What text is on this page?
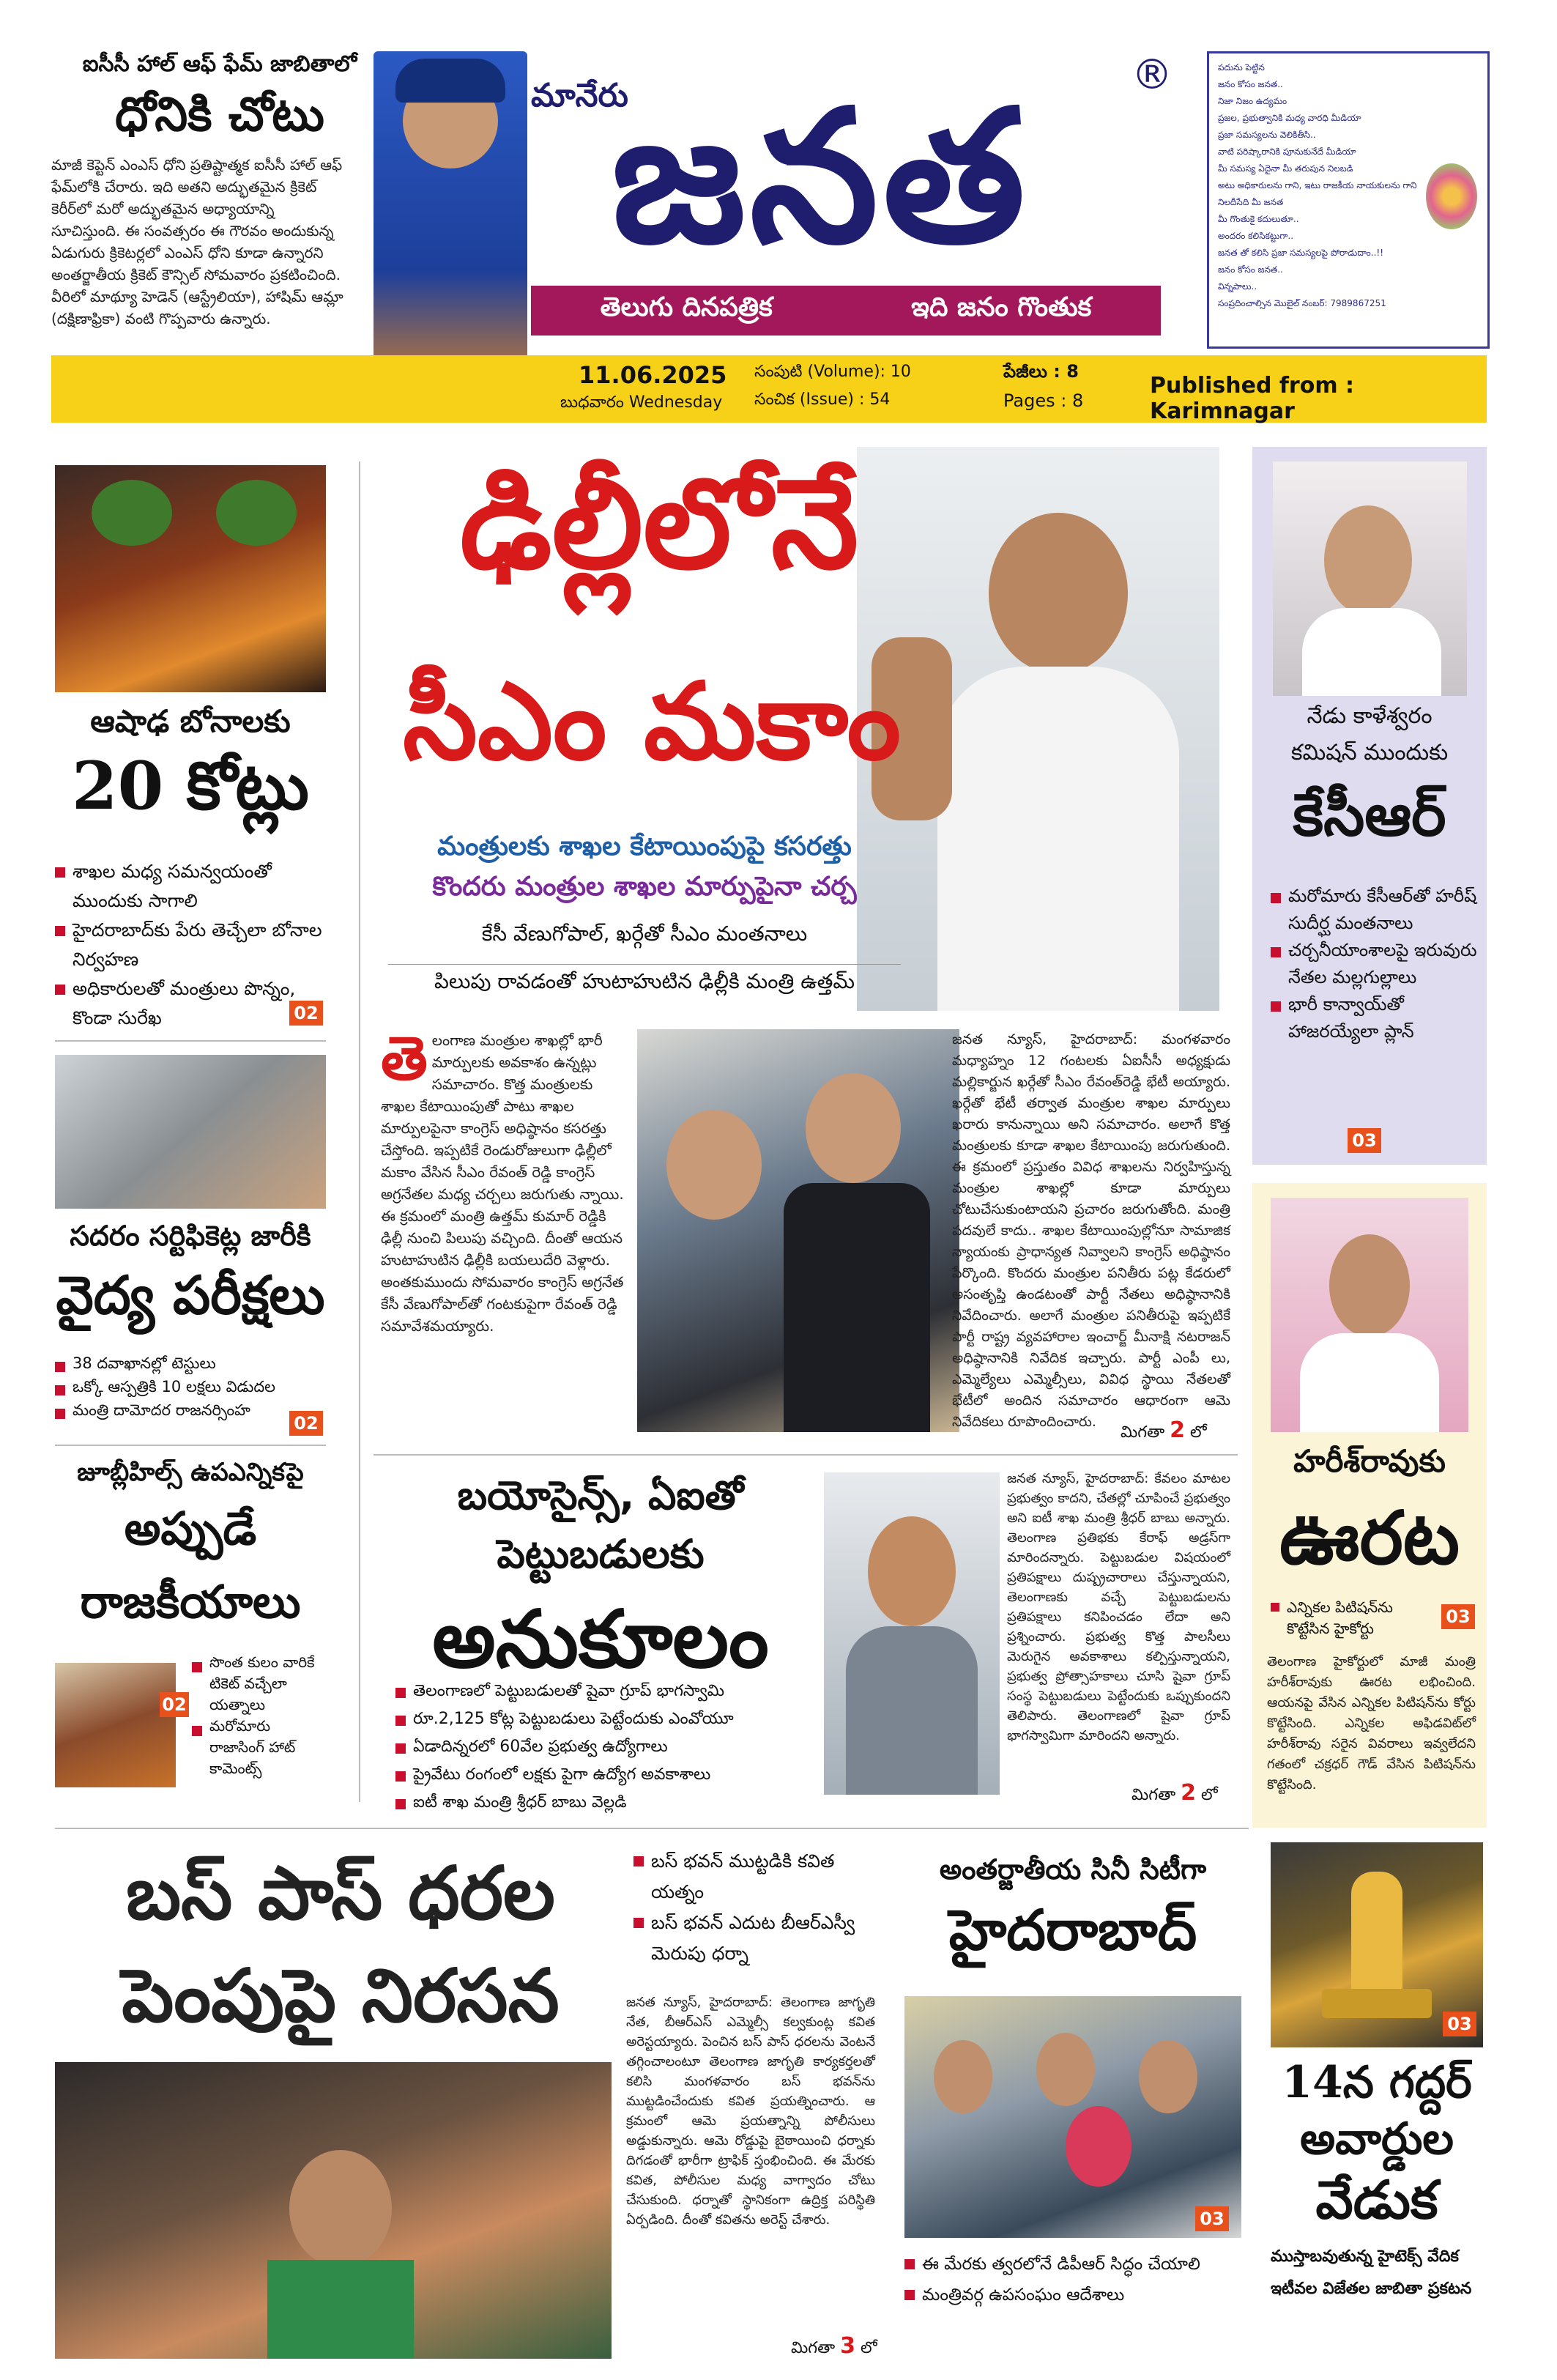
ఐసీసీ హాల్ ఆఫ్ ఫేమ్ జాబితాలో
ధోనికి చోటు
మాజీ కెప్టెన్ ఎంఎస్ ధోని ప్రతిష్టాత్మక ఐసీసీ హాల్ ఆఫ్ ఫేమ్‌లోకి చేరారు. ఇది అతని అద్భుతమైన క్రికెట్ కెరీర్‌లో మరో అద్భుతమైన అధ్యాయాన్ని సూచిస్తుంది. ఈ సంవత్సరం ఈ గౌరవం అందుకున్న ఏడుగురు క్రికెటర్లలో ఎంఎస్ ధోని కూడా ఉన్నారని అంతర్జాతీయ క్రికెట్ కౌన్సిల్ సోమవారం ప్రకటించింది. వీరిలో మాథ్యూ హెడెన్ (ఆస్ట్రేలియా), హాషిమ్ ఆమ్లా (దక్షిణాఫ్రికా) వంటి గొప్పవారు ఉన్నారు.
మానేరు
జనత ®
తెలుగు దినపత్రిక	ఇది జనం గొంతుక
పదును పెట్టిన
జనం కోసం జనత..
నిజా నిజం ఉద్యమం
ప్రజల, ప్రభుత్వానికి మధ్య వారధి మీడియా
ప్రజా సమస్యలను వెలికితీసి..
వాటి పరిష్కారానికి పూనుకునేదే మీడియా
మీ సమస్య ఏదైనా మీ తరుపున నిలబడి
అటు అధికారులను గాని, ఇటు రాజకీయ నాయకులను గాని
నిలదీసేది మీ జనత
మీ గొంతుకై కదులుతూ..
అందరం కలిసికట్టుగా..
జనత తో కలిసి ప్రజా సమస్యలపై పోరాడుదాం..!!
జనం కోసం జనత..
విన్నపాలు..
సంప్రదించాల్సిన మొబైల్ నంబర్: 7989867251
11.06.2025
బుధవారం Wednesday
సంపుటి (Volume): 10
సంచిక (Issue) : 54
పేజీలు : 8
Pages : 8
Published from : Karimnagar
ఆషాఢ బోనాలకు
20 కోట్లు
శాఖల మధ్య సమన్వయంతో ముందుకు సాగాలి
హైదరాబాద్‌కు పేరు తెచ్చేలా బోనాల నిర్వహణ
అధికారులతో మంత్రులు పొన్నం, కొండా సురేఖ	02
సదరం సర్టిఫికెట్ల జారీకి
వైద్య పరీక్షలు
38 దవాఖానల్లో టెస్టులు
ఒక్కో ఆస్పత్రికి 10 లక్షలు విడుదల
మంత్రి దామోదర రాజనర్సింహ
02
జూబ్లీహిల్స్ ఉపఎన్నికపై
అప్పుడే
రాజకీయాలు
02
సొంత కులం వారికే టికెట్ వచ్చేలా యత్నాలు
మరోమారు రాజాసింగ్ హాట్ కామెంట్స్
ఢిల్లీలోనే
సీఎం మకాం
మంత్రులకు శాఖల కేటాయింపుపై కసరత్తు
కొందరు మంత్రుల శాఖల మార్పుపైనా చర్చ
కేసీ వేణుగోపాల్, ఖర్గేతో సీఎం మంతనాలు
పిలుపు రావడంతో హుటాహుటిన ఢిల్లీకి మంత్రి ఉత్తమ్
తె లంగాణ మంత్రుల శాఖల్లో భారీ మార్పులకు అవకాశం ఉన్నట్లు సమాచారం. కొత్త మంత్రులకు శాఖల కేటాయింపుతో పాటు శాఖల మార్పులపైనా కాంగ్రెస్ అధిష్ఠానం కసరత్తు చేస్తోంది. ఇప్పటికే రెండురోజులుగా ఢిల్లీలో మకాం వేసిన సీఎం రేవంత్ రెడ్డి కాంగ్రెస్ అగ్రనేతల మధ్య చర్చలు జరుగుతు న్నాయి. ఈ క్రమంలో మంత్రి ఉత్తమ్ కుమార్ రెడ్డికి ఢిల్లీ నుంచి పిలుపు వచ్చింది. దీంతో ఆయన హుటాహుటిన ఢిల్లీకి బయలుదేరి వెళ్లారు. అంతకుముందు సోమవారం కాంగ్రెస్ అగ్రనేత కేసీ వేణుగోపాల్‌తో గంటకుపైగా రేవంత్ రెడ్డి సమావేశమయ్యారు.
జనత న్యూస్, హైదరాబాద్: మంగళవారం మధ్యాహ్నం 12 గంటలకు ఏఐసీసీ అధ్యక్షుడు మల్లికార్జున ఖర్గేతో సీఎం రేవంత్‌రెడ్డి భేటీ అయ్యారు. ఖర్గేతో భేటీ తర్వాత మంత్రుల శాఖల మార్పులు ఖరారు కానున్నాయి అని సమాచారం. అలాగే కొత్త మంత్రులకు కూడా శాఖల కేటాయింపు జరుగుతుంది. ఈ క్రమంలో ప్రస్తుతం వివిధ శాఖలను నిర్వహిస్తున్న మంత్రుల శాఖల్లో కూడా మార్పులు చోటుచేసుకుంటాయని ప్రచారం జరుగుతోంది. మంత్రి పదవులే కాదు.. శాఖల కేటాయింపుల్లోనూ సామాజిక న్యాయంకు ప్రాధాన్యత నివ్వాలని కాంగ్రెస్ అధిష్ఠానం పేర్కొంది. కొందరు మంత్రుల పనితీరు పట్ల కేడరులో అసంతృప్తి ఉండటంతో పార్టీ నేతలు అధిష్ఠానానికి నివేదించారు. అలాగే మంత్రుల పనితీరుపై ఇప్పటికే పార్టీ రాష్ట్ర వ్యవహారాల ఇంచార్జ్ మీనాక్షి నటరాజన్ అధిష్ఠానానికి నివేదిక ఇచ్చారు. పార్టీ ఎంపీ లు, ఎమ్మెల్యేలు ఎమ్మెల్సీలు, వివిధ స్థాయి నేతలతో భేటీలో అందిన సమాచారం ఆధారంగా ఆమె నివేదికలు రూపొందించారు.
మిగతా 2 లో
నేడు కాళేశ్వరం
కమిషన్ ముందుకు
కేసీఆర్
మరోమారు కేసీఆర్‌తో హరీష్ సుదీర్ఘ మంతనాలు
చర్చనీయాంశాలపై ఇరువురు నేతల మల్లగుల్లాలు
భారీ కాన్వాయ్‌తో హాజరయ్యేలా ప్లాన్
03
హరీశ్‌రావుకు
ఊరట
ఎన్నికల పిటిషన్‌ను కొట్టేసిన హైకోర్టు
03
తెలంగాణ హైకోర్టులో మాజీ మంత్రి హరీశ్‌రావుకు ఊరట లభించింది. ఆయనపై వేసిన ఎన్నికల పిటిషన్‌ను కోర్టు కొట్టేసింది. ఎన్నికల అఫిడవిట్‌లో హరీశ్‌రావు సరైన వివరాలు ఇవ్వలేదని గతంలో చక్రధర్ గౌడ్ వేసిన పిటిషన్‌ను కొట్టేసింది.
03
14న గద్దర్
అవార్డుల
వేడుక
ముస్తాబవుతున్న హైటెక్స్ వేదిక
ఇటీవల విజేతల జాబితా ప్రకటన
బయోసైన్స్, ఏఐతో
పెట్టుబడులకు
అనుకూలం
తెలంగాణలో పెట్టుబడులతో షైవా గ్రూప్ భాగస్వామి
రూ.2,125 కోట్ల పెట్టుబడులు పెట్టేందుకు ఎంవోయూ
ఏడాదిన్నరలో 60వేల ప్రభుత్వ ఉద్యోగాలు
ప్రైవేటు రంగంలో లక్షకు పైగా ఉద్యోగ అవకాశాలు
ఐటీ శాఖ మంత్రి శ్రీధర్ బాబు వెల్లడి
జనత న్యూస్, హైదరాబాద్: కేవలం మాటల ప్రభుత్వం కాదని, చేతల్లో చూపించే ప్రభుత్వం అని ఐటీ శాఖ మంత్రి శ్రీధర్ బాబు అన్నారు. తెలంగాణ ప్రతిభకు కేరాఫ్ అడ్రస్‌గా మారిందన్నారు. పెట్టుబడుల విషయంలో ప్రతిపక్షాలు దుష్ప్రచారాలు చేస్తున్నాయని, తెలంగాణకు వచ్చే పెట్టుబడులను ప్రతిపక్షాలు కనిపించడం లేదా అని ప్రశ్నించారు. ప్రభుత్వ కొత్త పాలసీలు మెరుగైన అవకాశాలు కల్పిస్తున్నాయని, ప్రభుత్వ ప్రోత్సాహకాలు చూసి షైవా గ్రూప్ సంస్థ పెట్టుబడులు పెట్టేందుకు ఒప్పుకుందని తెలిపారు. తెలంగాణలో షైవా గ్రూప్ భాగస్వామిగా మారిందని అన్నారు.
మిగతా 2 లో
బస్ పాస్ ధరల
పెంపుపై నిరసన
బస్ భవన్ ముట్టడికి కవిత యత్నం
బస్ భవన్ ఎదుట బీఆర్ఎస్వీ మెరుపు ధర్నా
జనత న్యూస్, హైదరాబాద్: తెలంగాణ జాగృతి నేత, బీఆర్ఎస్ ఎమ్మెల్సీ కల్వకుంట్ల కవిత అరెస్టయ్యారు. పెంచిన బస్ పాస్ ధరలను వెంటనే తగ్గించాలంటూ తెలంగాణ జాగృతి కార్యకర్తలతో కలిసి మంగళవారం బస్ భవన్‌ను ముట్టడించేందుకు కవిత ప్రయత్నించారు. ఆ క్రమంలో ఆమె ప్రయత్నాన్ని పోలీసులు అడ్డుకున్నారు. ఆమె రోడ్డుపై బైఠాయించి ధర్నాకు దిగడంతో భారీగా ట్రాఫిక్ స్తంభించింది. ఈ మేరకు కవిత, పోలీసుల మధ్య వాగ్వాదం చోటు చేసుకుంది. ధర్నాతో స్థానికంగా ఉద్రిక్త పరిస్థితి ఏర్పడింది. దీంతో కవితను అరెస్ట్ చేశారు.
మిగతా 3 లో
అంతర్జాతీయ సినీ సిటీగా
హైదరాబాద్
03
ఈ మేరకు త్వరలోనే డిపీఆర్ సిద్ధం చేయాలి
మంత్రివర్గ ఉపసంఘం ఆదేశాలు
